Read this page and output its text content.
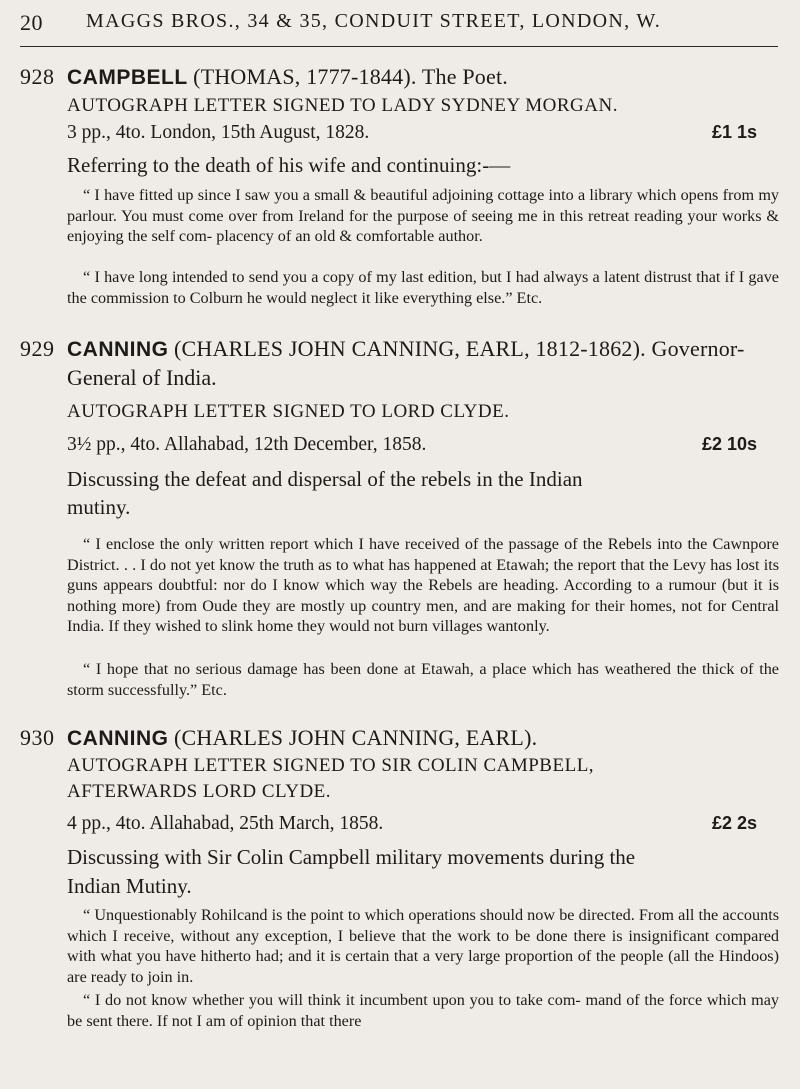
20 MAGGS BROS., 34 & 35, CONDUIT STREET, LONDON, W.
928 CAMPBELL (THOMAS, 1777-1844). The Poet.
AUTOGRAPH LETTER SIGNED TO LADY SYDNEY MORGAN.
3 pp., 4to. London, 15th August, 1828.	£1 1s
Referring to the death of his wife and continuing:-—
“ I have fitted up since I saw you a small & beautiful adjoining cottage into a library which opens from my parlour. You must come over from Ireland for the purpose of seeing me in this retreat reading your works & enjoying the self com- placency of an old & comfortable author.
“ I have long intended to send you a copy of my last edition, but I had always a latent distrust that if I gave the commission to Colburn he would neglect it like everything else.” Etc.
929 CANNING (CHARLES JOHN CANNING, EARL, 1812-1862). Governor-
General of India.
AUTOGRAPH LETTER SIGNED TO LORD CLYDE.
3½ pp., 4to. Allahabad, 12th December, 1858.	£2 10s
Discussing the defeat and dispersal of the rebels in the Indian
mutiny.
“ I enclose the only written report which I have received of the passage of the Rebels into the Cawnpore District. . . I do not yet know the truth as to what has happened at Etawah; the report that the Levy has lost its guns appears doubtful: nor do I know which way the Rebels are heading. According to a rumour (but it is nothing more) from Oude they are mostly up country men, and are making for their homes, not for Central India. If they wished to slink home they would not burn villages wantonly.
“ I hope that no serious damage has been done at Etawah, a place which has weathered the thick of the storm successfully.” Etc.
930 CANNING (CHARLES JOHN CANNING, EARL).
AUTOGRAPH LETTER SIGNED TO SIR COLIN CAMPBELL,
AFTERWARDS LORD CLYDE.
4 pp., 4to. Allahabad, 25th March, 1858.	£2 2s
Discussing with Sir Colin Campbell military movements during the
Indian Mutiny.
“ Unquestionably Rohilcand is the point to which operations should now be directed. From all the accounts which I receive, without any exception, I believe that the work to be done there is insignificant compared with what you have hitherto had; and it is certain that a very large proportion of the people (all the Hindoos) are ready to join in.
“ I do not know whether you will think it incumbent upon you to take com- mand of the force which may be sent there. If not I am of opinion that there
